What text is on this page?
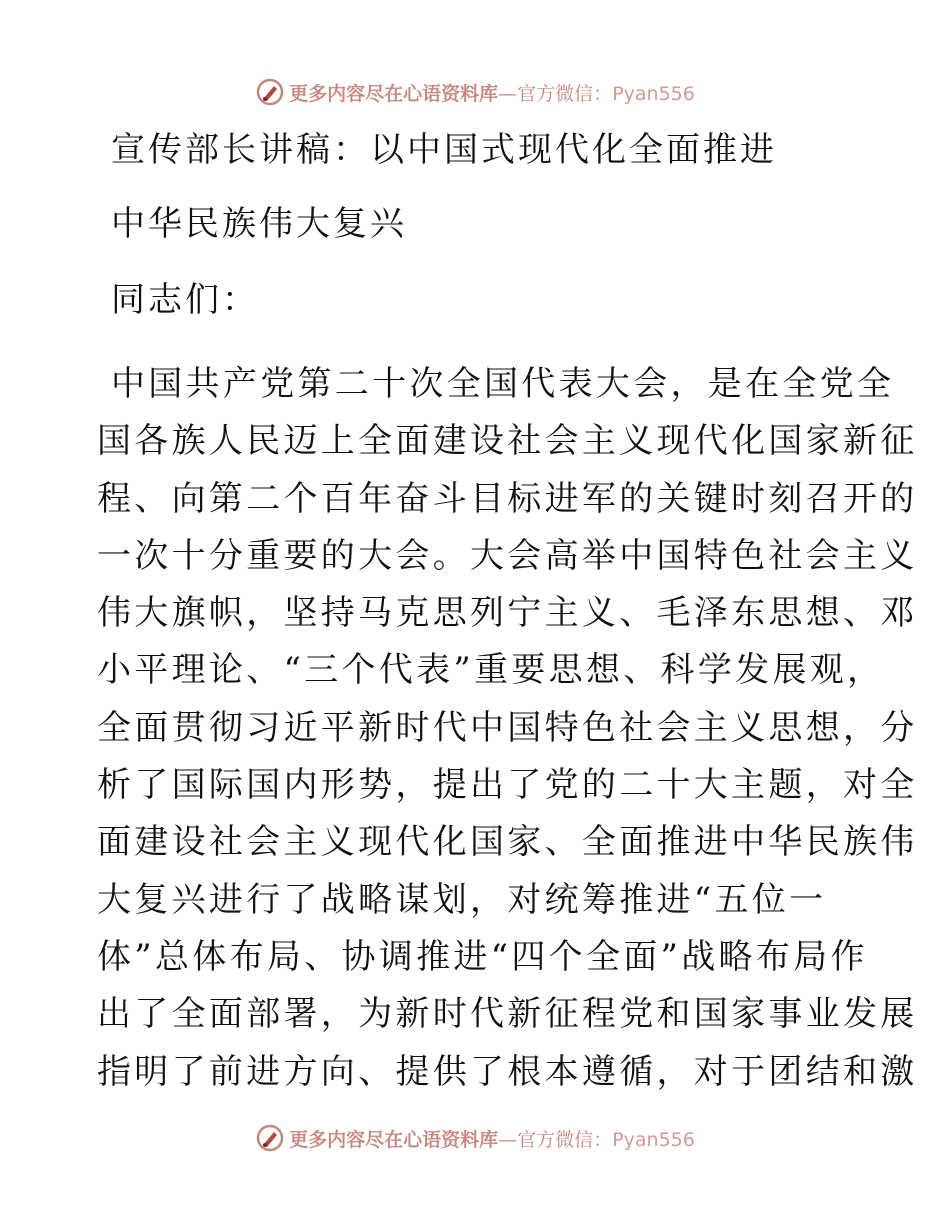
更多内容尽在心语资料库—官方微信：Pyan556
宣传部长讲稿：以中国式现代化全面推进
中华民族伟大复兴
同志们：
中国共产党第二十次全国代表大会，是在全党全
国各族人民迈上全面建设社会主义现代化国家新征
程、向第二个百年奋斗目标进军的关键时刻召开的
一次十分重要的大会。大会高举中国特色社会主义
伟大旗帜，坚持马克思列宁主义、毛泽东思想、邓
小平理论、“三个代表”重要思想、科学发展观，
全面贯彻习近平新时代中国特色社会主义思想，分
析了国际国内形势，提出了党的二十大主题，对全
面建设社会主义现代化国家、全面推进中华民族伟
大复兴进行了战略谋划，对统筹推进“五位一
体”总体布局、协调推进“四个全面”战略布局作
出了全面部署，为新时代新征程党和国家事业发展
指明了前进方向、提供了根本遵循，对于团结和激
更多内容尽在心语资料库—官方微信：Pyan556
